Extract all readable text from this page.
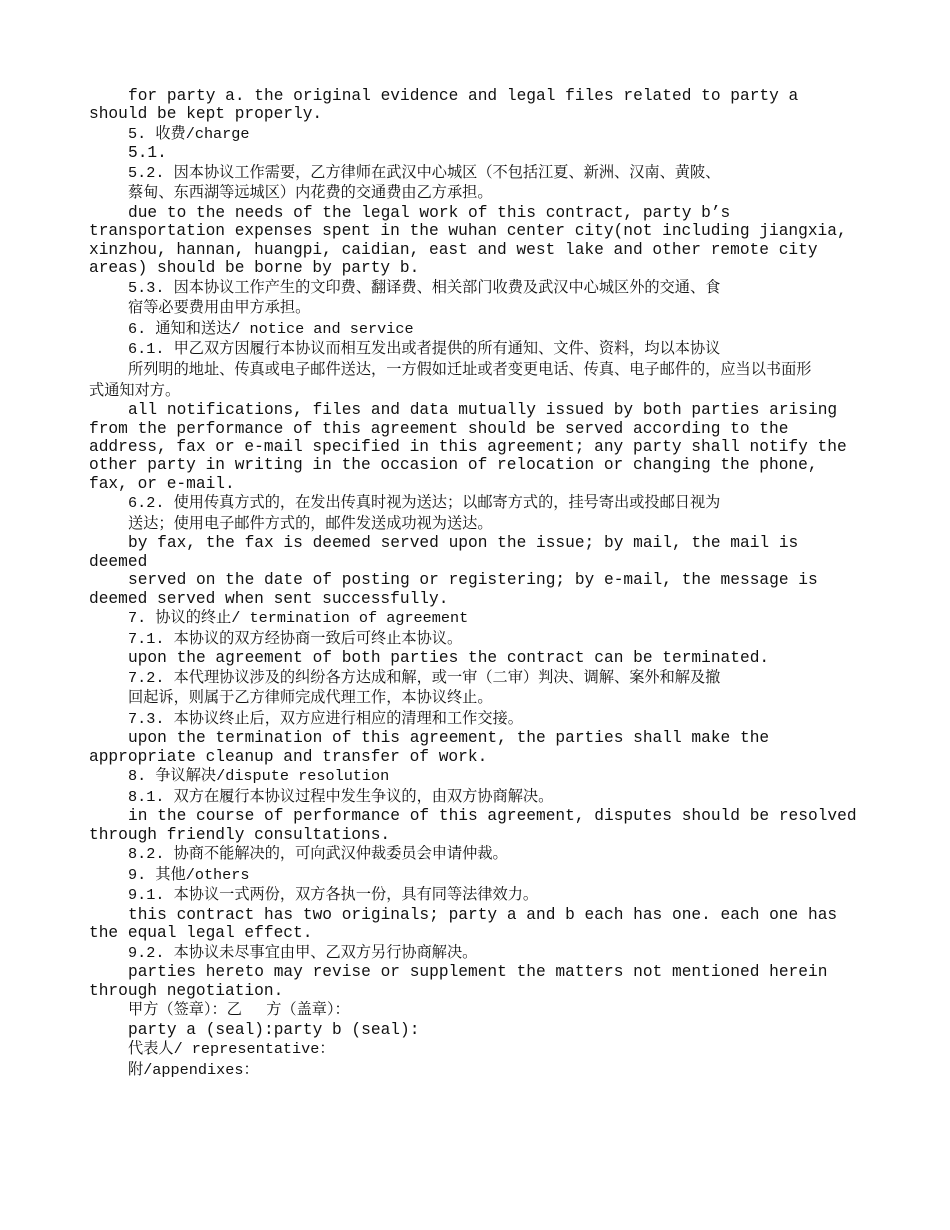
for party a. the original evidence and legal files related to party a
should be kept properly.
5. 收费/charge
5.1.
5.2. 因本协议工作需要，乙方律师在武汉中心城区（不包括江夏、新洲、汉南、黄陂、
蔡甸、东西湖等远城区）内花费的交通费由乙方承担。
due to the needs of the legal work of this contract, party b’s
transportation expenses spent in the wuhan center city(not including jiangxia,
xinzhou, hannan, huangpi, caidian, east and west lake and other remote city
areas) should be borne by party b.
5.3. 因本协议工作产生的文印费、翻译费、相关部门收费及武汉中心城区外的交通、食
宿等必要费用由甲方承担。
6. 通知和送达/ notice and service
6.1. 甲乙双方因履行本协议而相互发出或者提供的所有通知、文件、资料，均以本协议
所列明的地址、传真或电子邮件送达，一方假如迁址或者变更电话、传真、电子邮件的，应当以书面形
式通知对方。
all notifications, files and data mutually issued by both parties arising
from the performance of this agreement should be served according to the
address, fax or e-mail specified in this agreement; any party shall notify the
other party in writing in the occasion of relocation or changing the phone,
fax, or e-mail.
6.2. 使用传真方式的，在发出传真时视为送达；以邮寄方式的，挂号寄出或投邮日视为
送达；使用电子邮件方式的，邮件发送成功视为送达。
by fax, the fax is deemed served upon the issue; by mail, the mail is
deemed
served on the date of posting or registering; by e-mail, the message is
deemed served when sent successfully.
7. 协议的终止/ termination of agreement
7.1. 本协议的双方经协商一致后可终止本协议。
upon the agreement of both parties the contract can be terminated.
7.2. 本代理协议涉及的纠纷各方达成和解，或一审（二审）判决、调解、案外和解及撤
回起诉，则属于乙方律师完成代理工作，本协议终止。
7.3. 本协议终止后，双方应进行相应的清理和工作交接。
upon the termination of this agreement, the parties shall make the
appropriate cleanup and transfer of work.
8. 争议解决/dispute resolution
8.1. 双方在履行本协议过程中发生争议的，由双方协商解决。
in the course of performance of this agreement, disputes should be resolved
through friendly consultations.
8.2. 协商不能解决的，可向武汉仲裁委员会申请仲裁。
9. 其他/others
9.1. 本协议一式两份，双方各执一份，具有同等法律效力。
this contract has two originals; party a and b each has one. each one has
the equal legal effect.
9.2. 本协议未尽事宜由甲、乙双方另行协商解决。
parties hereto may revise or supplement the matters not mentioned herein
through negotiation.
甲方（签章）：乙　 方（盖章）：
party a (seal):party b (seal):
代表人/ representative：
附/appendixes：
